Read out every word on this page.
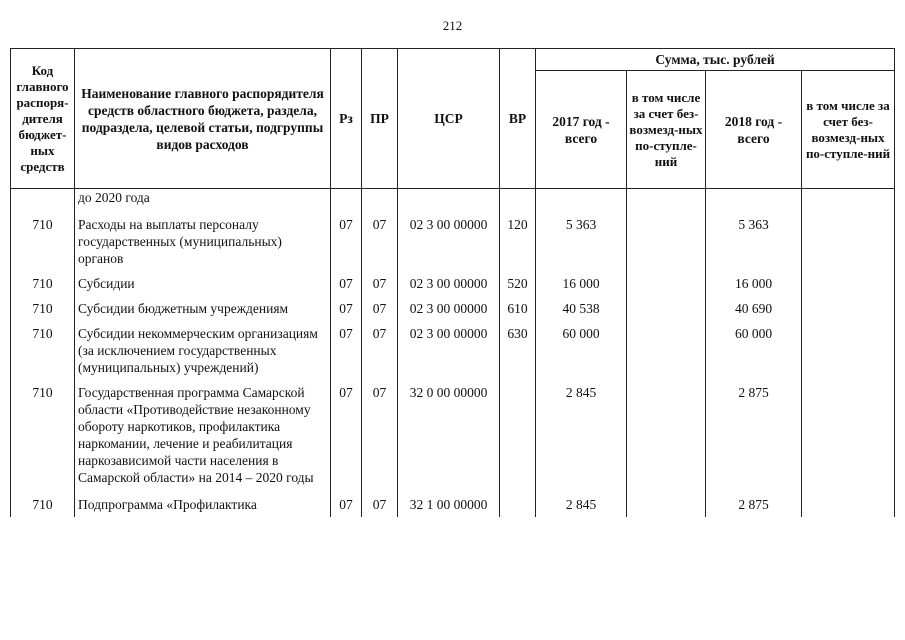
212
Код главного распоря-дителя бюджет-ных средств	Наименование главного распорядителя средств областного бюджета, раздела, подраздела, целевой статьи, подгруппы видов расходов	Рз	ПР	ЦСР	ВР	Сумма, тыс. рублей			
						2017 год - всего	в том числе за счет без-возмезд-ных по-ступле-ний	2018 год - всего	в том числе за счет без-возмезд-ных по-ступле-ний
	до 2020 года								
710	Расходы на выплаты персоналу государственных (муниципальных) органов	07	07	02 3 00 00000	120	5 363		5 363	
710	Субсидии	07	07	02 3 00 00000	520	16 000		16 000	
710	Субсидии бюджетным учреждениям	07	07	02 3 00 00000	610	40 538		40 690	
710	Субсидии некоммерческим организациям (за исключением государственных (муниципальных) учреждений)	07	07	02 3 00 00000	630	60 000		60 000	
710	Государственная программа Самарской области «Противодействие незаконному обороту наркотиков, профилактика наркомании, лечение и реабилитация наркозависимой части населения в Самарской области» на 2014 – 2020 годы	07	07	32 0 00 00000		2 845		2 875	
710	Подпрограмма «Профилактика	07	07	32 1 00 00000		2 845		2 875	
